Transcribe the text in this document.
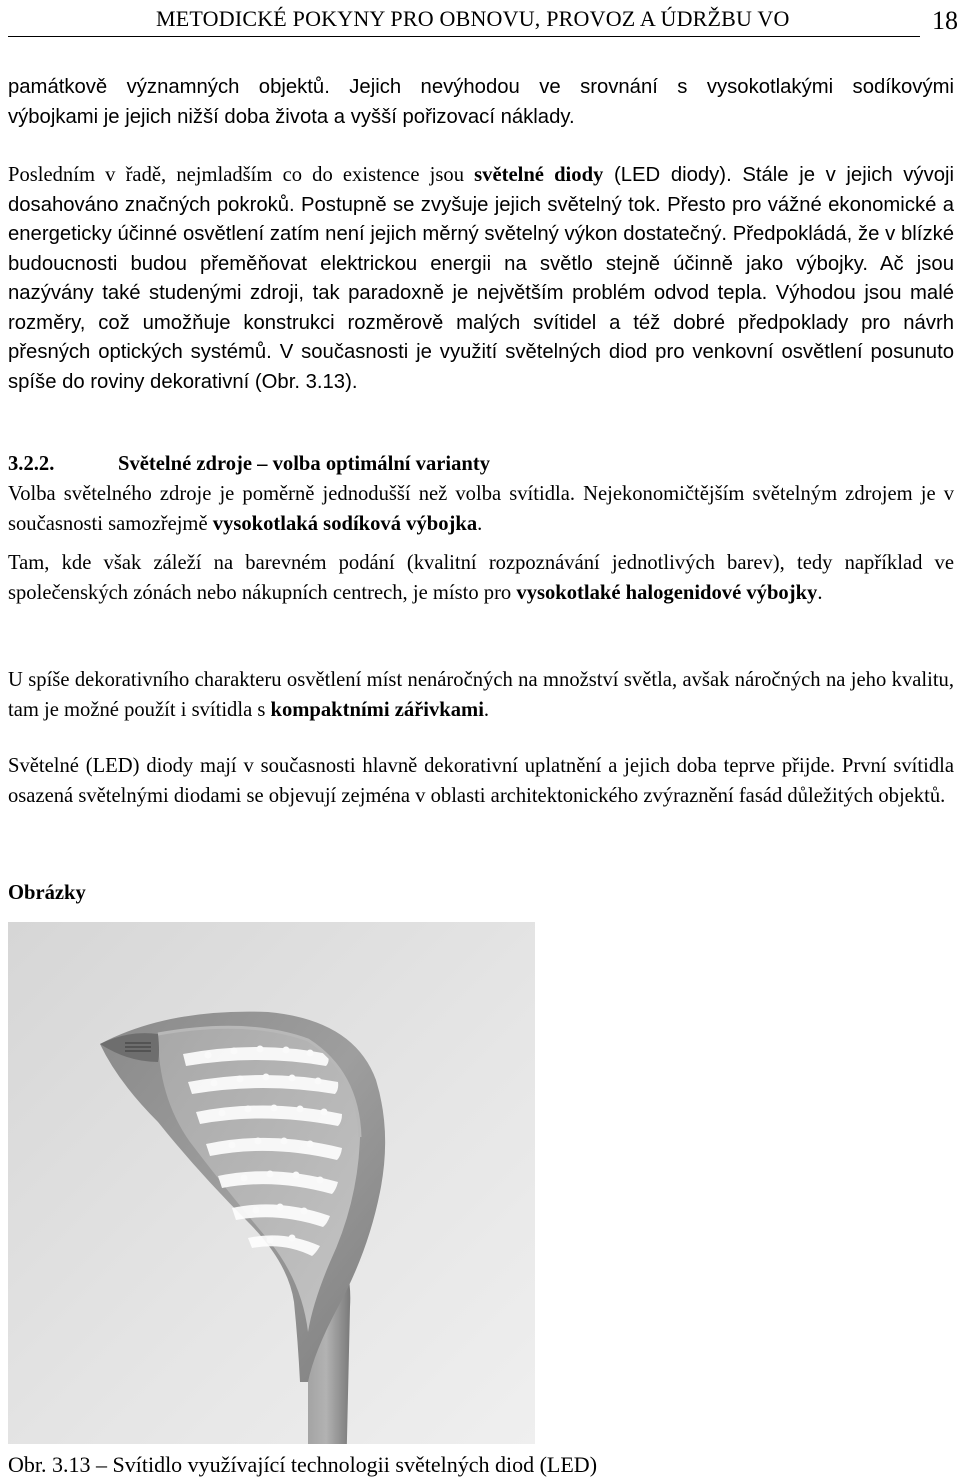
METODICKÉ POKYNY PRO OBNOVU, PROVOZ A ÚDRŽBU VO	18
památkově významných objektů. Jejich nevýhodou ve srovnání s vysokotlakými sodíkovými
výbojkami je jejich nižší doba života a vyšší pořizovací náklady.
Posledním v řadě, nejmladším co do existence jsou světelné diody (LED diody). Stále je v jejich vývoji dosahováno značných pokroků. Postupně se zvyšuje jejich světelný tok. Přesto pro vážné ekonomické a energeticky účinné osvětlení zatím není jejich měrný světelný výkon dostatečný. Předpokládá, že v blízké budoucnosti budou přeměňovat elektrickou energii na světlo stejně účinně jako výbojky. Ač jsou nazývány také studenými zdroji, tak paradoxně je největším problém odvod tepla. Výhodou jsou malé rozměry, což umožňuje konstrukci rozměrově malých svítidel a též dobré předpoklady pro návrh přesných optických systémů. V současnosti je využití světelných diod pro venkovní osvětlení posunuto spíše do roviny dekorativní (Obr. 3.13).
3.2.2.	Světelné zdroje – volba optimální varianty
Volba světelného zdroje je poměrně jednodušší než volba svítidla. Nejekonomičtějším světelným zdrojem je v současnosti samozřejmě vysokotlaká sodíková výbojka.
Tam, kde však záleží na barevném podání (kvalitní rozpoznávání jednotlivých barev), tedy například ve společenských zónách nebo nákupních centrech, je místo pro vysokotlaké halogenidové výbojky.
U spíše dekorativního charakteru osvětlení míst nenáročných na množství světla, avšak náročných na jeho kvalitu, tam je možné použít i svítidla s kompaktními zářivkami.
Světelné (LED) diody mají v současnosti hlavně dekorativní uplatnění a jejich doba teprve přijde. První svítidla osazená světelnými diodami se objevují zejména v oblasti architektonického zvýraznění fasád důležitých objektů.
Obrázky
Obr. 3.13 – Svítidlo využívající technologii světelných diod (LED)
